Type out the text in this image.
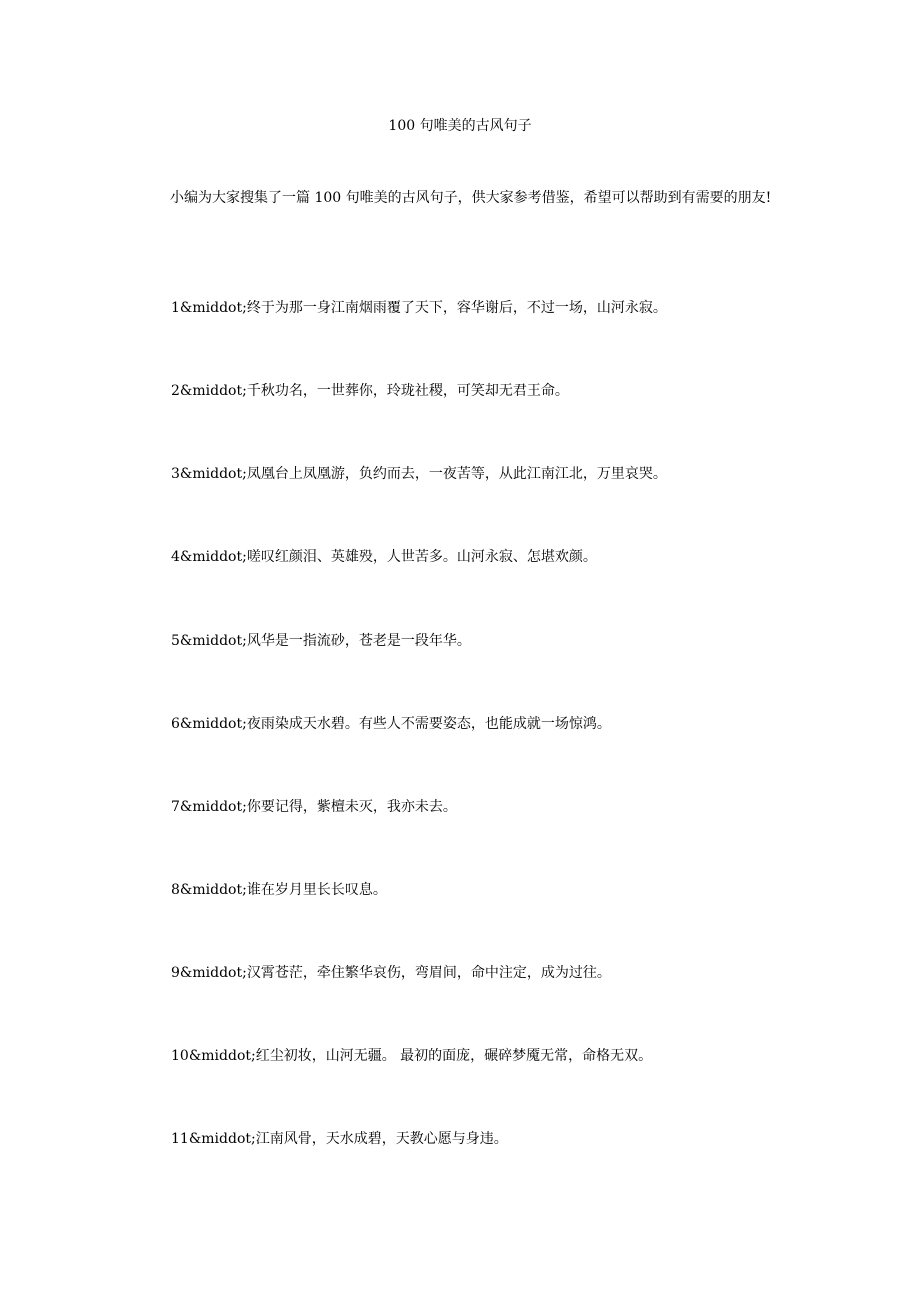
100 句唯美的古风句子

小编为大家搜集了一篇 100 句唯美的古风句子，供大家参考借鉴，希望可以帮助到有需要的朋友!

1&middot;终于为那一身江南烟雨覆了天下，容华谢后，不过一场，山河永寂。

2&middot;千秋功名，一世葬你，玲珑社稷，可笑却无君王命。

3&middot;凤凰台上凤凰游，负约而去，一夜苦等，从此江南江北，万里哀哭。

4&middot;嗟叹红颜泪、英雄殁，人世苦多。山河永寂、怎堪欢颜。

5&middot;风华是一指流砂，苍老是一段年华。

6&middot;夜雨染成天水碧。有些人不需要姿态，也能成就一场惊鸿。

7&middot;你要记得，紫檀未灭，我亦未去。

8&middot;谁在岁月里长长叹息。

9&middot;汉霄苍茫，牵住繁华哀伤，弯眉间，命中注定，成为过往。

10&middot;红尘初妆，山河无疆。 最初的面庞，碾碎梦魇无常，命格无双。

11&middot;江南风骨，天水成碧，天教心愿与身违。
